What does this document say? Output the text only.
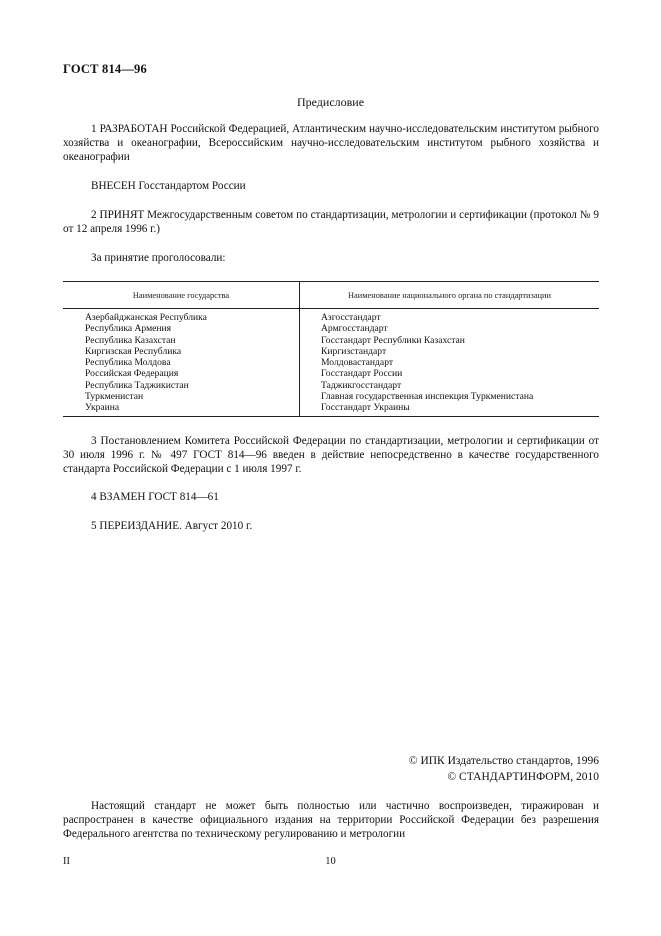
ГОСТ 814—96
Предисловие
1 РАЗРАБОТАН Российской Федерацией, Атлантическим научно-исследовательским институтом рыбного хозяйства и океанографии, Всероссийским научно-исследовательским институтом рыбного хозяйства и океанографии
ВНЕСЕН Госстандартом России
2 ПРИНЯТ Межгосударственным советом по стандартизации, метрологии и сертификации (протокол № 9 от 12 апреля 1996 г.)
За принятие проголосовали:
Наименование государства	Наименование национального органа по стандартизации
Азербайджанская Республика
Республика Армения
Республика Казахстан
Киргизская Республика
Республика Молдова
Российская Федерация
Республика Таджикистан
Туркменистан
Украина
Азгосстандарт
Армгосстандарт
Госстандарт Республики Казахстан
Киргизстандарт
Молдовастандарт
Госстандарт России
Таджикгосстандарт
Главная государственная инспекция Туркменистана
Госстандарт Украины
3 Постановлением Комитета Российской Федерации по стандартизации, метрологии и сертификации от 30 июля 1996 г. № 497 ГОСТ 814—96 введен в действие непосредственно в качестве государственного стандарта Российской Федерации с 1 июля 1997 г.
4 ВЗАМЕН ГОСТ 814—61
5 ПЕРЕИЗДАНИЕ. Август 2010 г.
© ИПК Издательство стандартов, 1996
© СТАНДАРТИНФОРМ, 2010
Настоящий стандарт не может быть полностью или частично воспроизведен, тиражирован и распространен в качестве официального издания на территории Российской Федерации без разрешения Федерального агентства по техническому регулированию и метрологии
II	10
